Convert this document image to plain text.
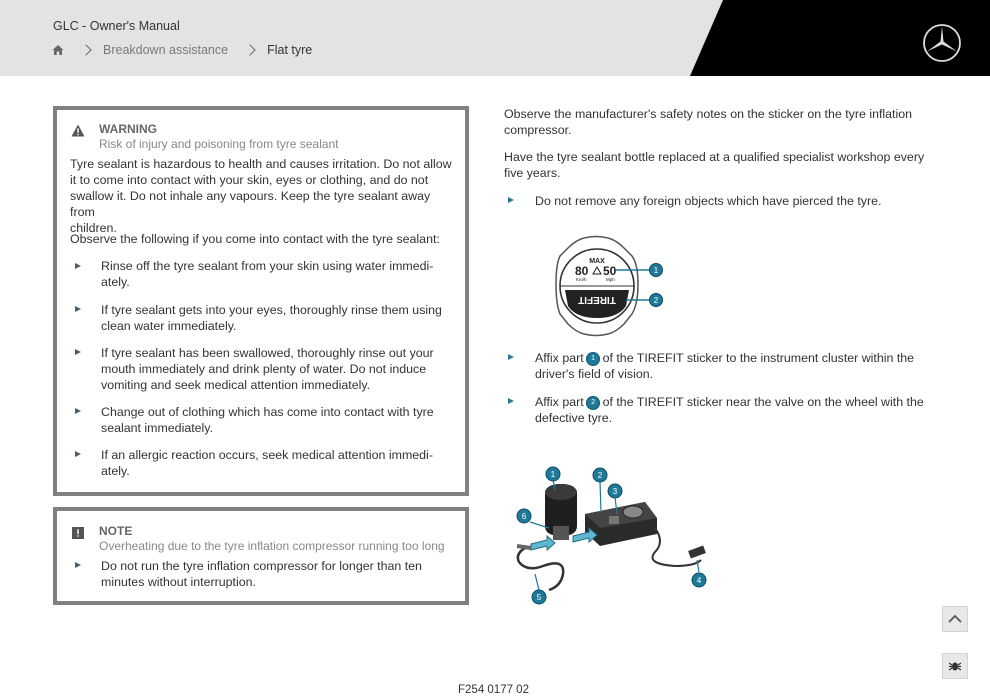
GLC - Owner's Manual
Breakdown assistance	Flat tyre
WARNING
Risk of injury and poisoning from tyre sealant
Tyre sealant is hazardous to health and causes irritation. Do not allow
it to come into contact with your skin, eyes or clothing, and do not
swallow it. Do not inhale any vapours. Keep the tyre sealant away from
children.
Observe the following if you come into contact with the tyre sealant:
Rinse off the tyre sealant from your skin using water immedi-
ately.
If tyre sealant gets into your eyes, thoroughly rinse them using
clean water immediately.
If tyre sealant has been swallowed, thoroughly rinse out your
mouth immediately and drink plenty of water. Do not induce
vomiting and seek medical attention immediately.
Change out of clothing which has come into contact with tyre
sealant immediately.
If an allergic reaction occurs, seek medical attention immedi-
ately.
NOTE
Overheating due to the tyre inflation compressor running too long
Do not run the tyre inflation compressor for longer than ten
minutes without interruption.
Observe the manufacturer's safety notes on the sticker on the tyre inflation
compressor.
Have the tyre sealant bottle replaced at a qualified specialist workshop every
five years.
Do not remove any foreign objects which have pierced the tyre.
MAX
80 50
Km/h	Mph
TIREFIT
1
2
Affix part 1 of the TIREFIT sticker to the instrument cluster within the
driver's field of vision.
Affix part 2 of the TIREFIT sticker near the valve on the wheel with the
defective tyre.
1	2
3
4
5
6
F254 0177 02
